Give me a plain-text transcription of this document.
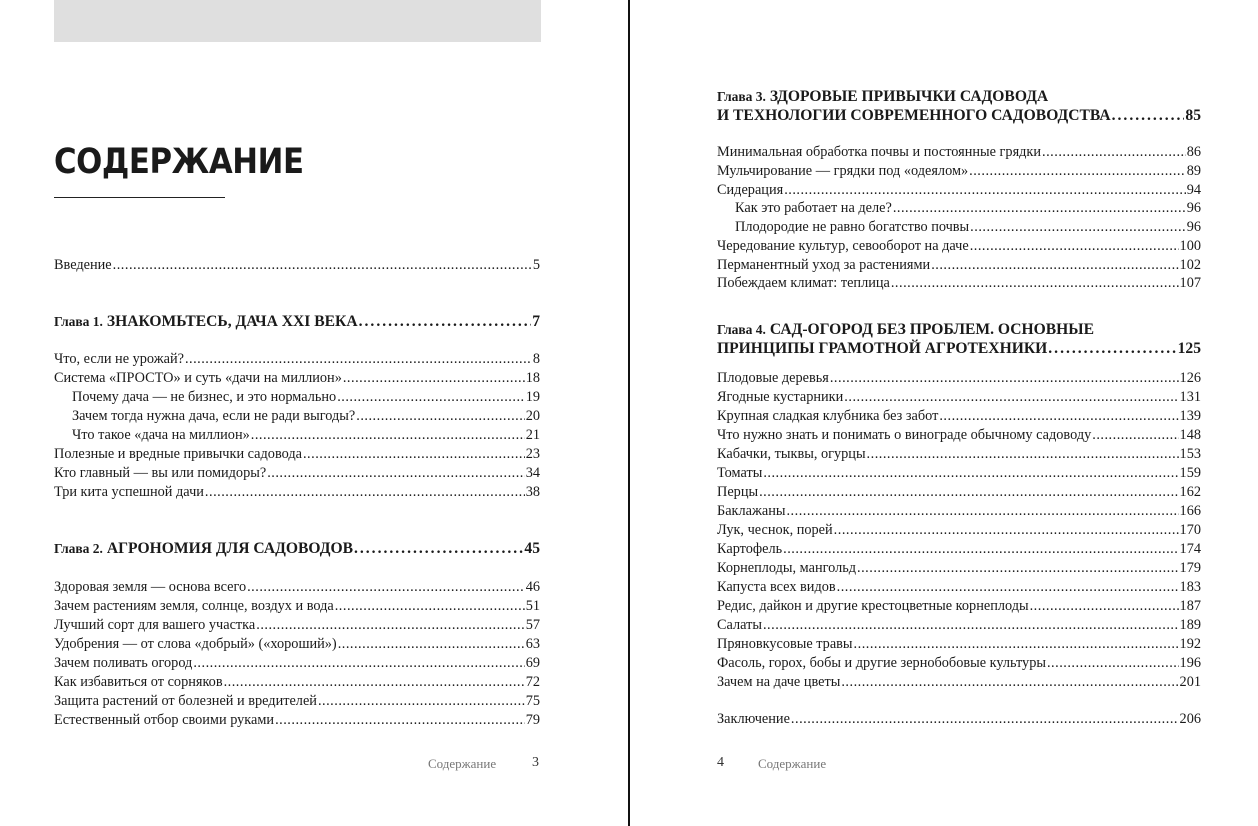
СОДЕРЖАНИЕ
Введение .....	5
Глава 1. ЗНАКОМЬТЕСЬ, ДАЧА XXI ВЕКА .....	7
Что, если не урожай? .....	8
Система «ПРОСТО» и суть «дачи на миллион» .....	18
Почему дача — не бизнес, и это нормально .....	19
Зачем тогда нужна дача, если не ради выгоды? .....	20
Что такое «дача на миллион» .....	21
Полезные и вредные привычки садовода .....	23
Кто главный — вы или помидоры? .....	34
Три кита успешной дачи .....	38
Глава 2. АГРОНОМИЯ ДЛЯ САДОВОДОВ .....	45
Здоровая земля — основа всего .....	46
Зачем растениям земля, солнце, воздух и вода .....	51
Лучший сорт для вашего участка .....	57
Удобрения — от слова «добрый» («хороший») .....	63
Зачем поливать огород .....	69
Как избавиться от сорняков .....	72
Защита растений от болезней и вредителей .....	75
Естественный отбор своими руками .....	79
Содержание	3
Глава 3. ЗДОРОВЫЕ ПРИВЫЧКИ САДОВОДА
И ТЕХНОЛОГИИ СОВРЕМЕННОГО САДОВОДСТВА .....	85
Минимальная обработка почвы и постоянные грядки .....	86
Мульчирование — грядки под «одеялом» .....	89
Сидерация .....	94
Как это работает на деле? .....	96
Плодородие не равно богатство почвы .....	96
Чередование культур, севооборот на даче .....	100
Перманентный уход за растениями .....	102
Побеждаем климат: теплица .....	107
Глава 4. САД-ОГОРОД БЕЗ ПРОБЛЕМ. ОСНОВНЫЕ
ПРИНЦИПЫ ГРАМОТНОЙ АГРОТЕХНИКИ .....	125
Плодовые деревья .....	126
Ягодные кустарники .....	131
Крупная сладкая клубника без забот .....	139
Что нужно знать и понимать о винограде обычному садоводу .....	148
Кабачки, тыквы, огурцы .....	153
Томаты .....	159
Перцы .....	162
Баклажаны .....	166
Лук, чеснок, порей .....	170
Картофель .....	174
Корнеплоды, мангольд .....	179
Капуста всех видов .....	183
Редис, дайкон и другие крестоцветные корнеплоды .....	187
Салаты .....	189
Пряновкусовые травы .....	192
Фасоль, горох, бобы и другие зернобобовые культуры .....	196
Зачем на даче цветы .....	201
Заключение .....	206
4	Содержание
